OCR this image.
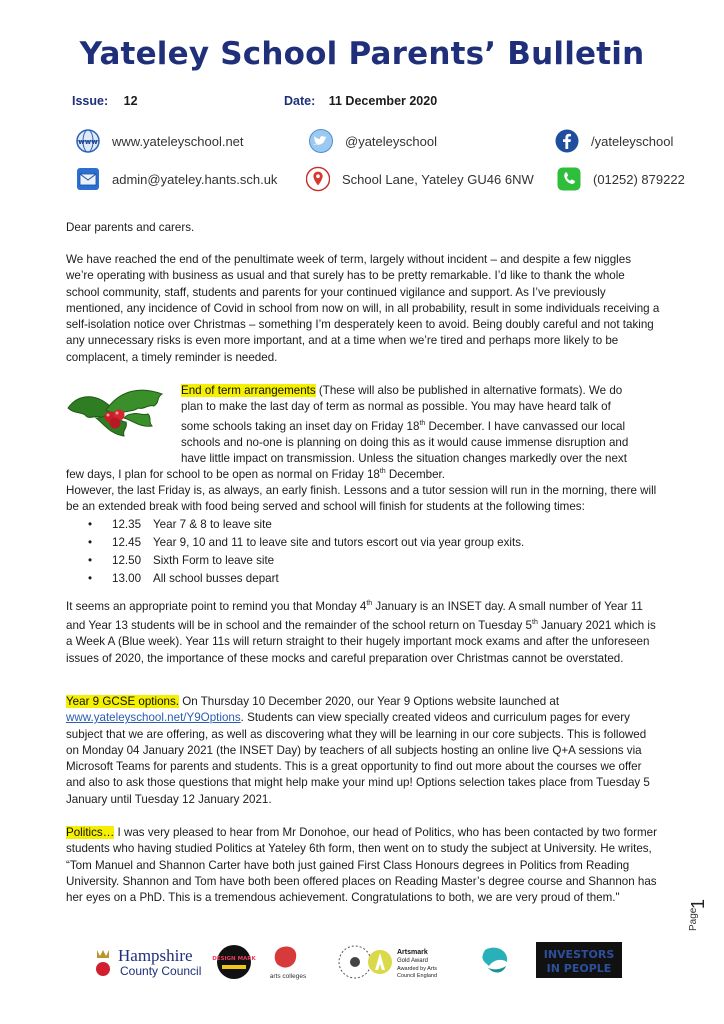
Yateley School Parents’ Bulletin
Issue: 12	Date: 11 December 2020
www www.yateleyschool.net	@yateleyschool	/yateleyschool
admin@yateley.hants.sch.uk	School Lane, Yateley GU46 6NW	(01252) 879222

Dear parents and carers.

We have reached the end of the penultimate week of term, largely without incident – and despite a few niggles we’re operating with business as usual and that surely has to be pretty remarkable. I’d like to thank the whole school community, staff, students and parents for your continued vigilance and support. As I’ve previously mentioned, any incidence of Covid in school from now on will, in all probability, result in some individuals receiving a self-isolation notice over Christmas – something I’m desperately keen to avoid. Being doubly careful and not taking any unnecessary risks is even more important, and at a time when we’re tired and perhaps more likely to be complacent, a timely reminder is needed.

End of term arrangements (These will also be published in alternative formats). We do

plan to make the last day of term as normal as possible. You may have heard talk of

some schools taking an inset day on Friday 18th December. I have canvassed our local

schools and no-one is planning on doing this as it would cause immense disruption and

have little impact on transmission. Unless the situation changes markedly over the next

few days, I plan for school to be open as normal on Friday 18th December.

However, the last Friday is, as always, an early finish. Lessons and a tutor session will run in the morning, there will be an extended break with food being served and school will finish for students at the following times:

• 12.35 Year 7 & 8 to leave site
• 12.45 Year 9, 10 and 11 to leave site and tutors escort out via year group exits.
• 12.50 Sixth Form to leave site
• 13.00 All school busses depart

It seems an appropriate point to remind you that Monday 4th January is an INSET day. A small number of Year 11 and Year 13 students will be in school and the remainder of the school return on Tuesday 5th January 2021 which is a Week A (Blue week). Year 11s will return straight to their hugely important mock exams and after the unforeseen issues of 2020, the importance of these mocks and careful preparation over Christmas cannot be overstated.

Year 9 GCSE options. On Thursday 10 December 2020, our Year 9 Options website launched at www.yateleyschool.net/Y9Options. Students can view specially created videos and curriculum pages for every subject that we are offering, as well as discovering what they will be learning in our core subjects. This is followed on Monday 04 January 2021 (the INSET Day) by teachers of all subjects hosting an online live Q+A sessions via Microsoft Teams for parents and students. This is a great opportunity to find out more about the courses we offer and also to ask those questions that might help make your mind up! Options selection takes place from Tuesday 5 January until Tuesday 12 January 2021.

Politics… I was very pleased to hear from Mr Donohoe, our head of Politics, who has been contacted by two former students who having studied Politics at Yateley 6th form, then went on to study the subject at University. He writes, “Tom Manuel and Shannon Carter have both just gained First Class Honours degrees in Politics from Reading University. Shannon and Tom have both been offered places on Reading Master’s degree course and Shannon has her eyes on a PhD. This is a tremendous achievement. Congratulations to both, we are very proud of them."

Page
1
Hampshire
County Council
DESIGN MARK
arts colleges
Artsmark
Gold Award
Awarded by Arts
Council England
INVESTORS
IN PEOPLE
